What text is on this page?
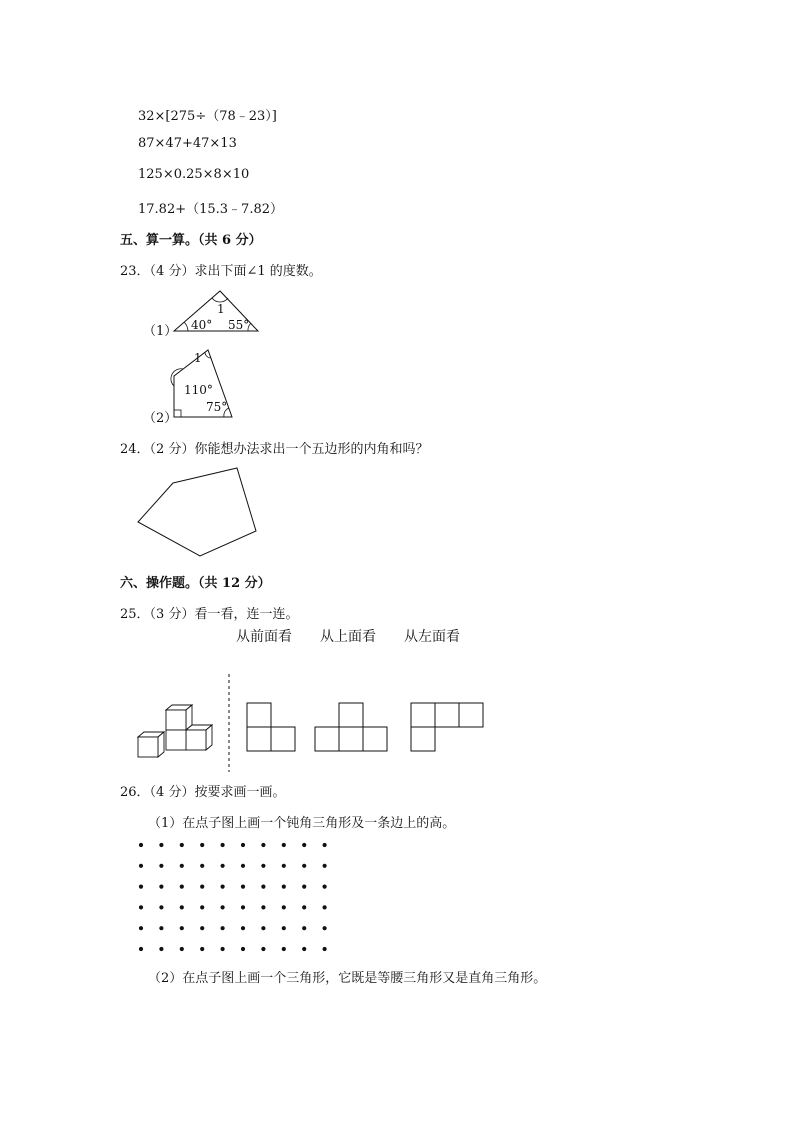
32×[275÷（78﹣23）]
87×47+47×13
125×0.25×8×10
17.82+（15.3﹣7.82）
五、算一算。（共 6 分）
23．（4 分）求出下面∠1 的度数。
（1）
1
40° 55°
（2）
1
110°
75°
24．（2 分）你能想办法求出一个五边形的内角和吗？
六、操作题。（共 12 分）
25．（3 分）看一看，连一连。
从前面看 从上面看 从左面看
26．（4 分）按要求画一画。
（1）在点子图上画一个钝角三角形及一条边上的高。
（2）在点子图上画一个三角形，它既是等腰三角形又是直角三角形。
